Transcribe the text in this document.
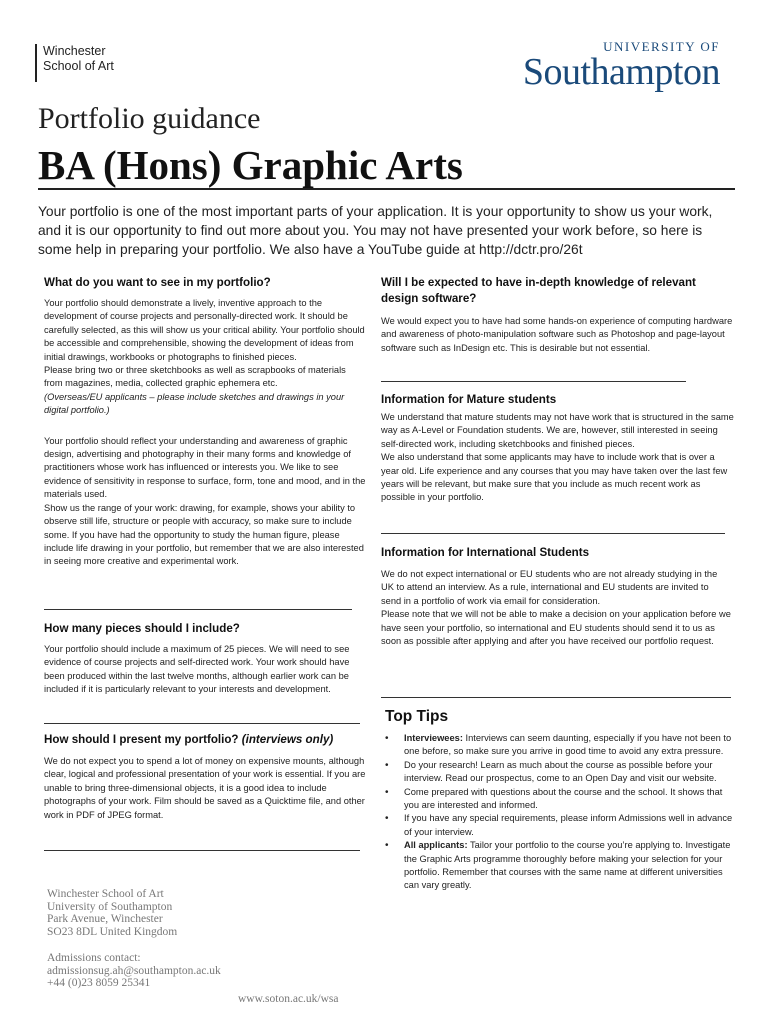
Winchester
School of Art
UNIVERSITY OF
Southampton
Portfolio guidance
BA (Hons) Graphic Arts
Your portfolio is one of the most important parts of your application. It is your opportunity to show us your work, and it is our opportunity to find out more about you. You may not have presented your work before, so here is some help in preparing your portfolio. We also have a YouTube guide at http://dctr.pro/26t
What do you want to see in my portfolio?
Your portfolio should demonstrate a lively, inventive approach to the development of course projects and personally-directed work. It should be carefully selected, as this will show us your critical ability. Your portfolio should be accessible and comprehensible, showing the development of ideas from initial drawings, workbooks or photographs to finished pieces.
Please bring two or three sketchbooks as well as scrapbooks of materials from magazines, media, collected graphic ephemera etc.
(Overseas/EU applicants – please include sketches and drawings in your digital portfolio.)
Your portfolio should reflect your understanding and awareness of graphic design, advertising and photography in their many forms and knowledge of practitioners whose work has influenced or interests you. We like to see evidence of sensitivity in response to surface, form, tone and mood, and in the materials used.
Show us the range of your work: drawing, for example, shows your ability to observe still life, structure or people with accuracy, so make sure to include some. If you have had the opportunity to study the human figure, please include life drawing in your portfolio, but remember that we are also interested in seeing more creative and experimental work.
How many pieces should I include?
Your portfolio should include a maximum of 25 pieces. We will need to see evidence of course projects and self-directed work. Your work should have been produced within the last twelve months, although earlier work can be included if it is particularly relevant to your interests and development.
How should I present my portfolio? (interviews only)
We do not expect you to spend a lot of money on expensive mounts, although clear, logical and professional presentation of your work is essential. If you are unable to bring three-dimensional objects, it is a good idea to include photographs of your work. Film should be saved as a Quicktime file, and other work in PDF of JPEG format.
Will I be expected to have in-depth knowledge of relevant design software?
We would expect you to have had some hands-on experience of computing hardware and awareness of photo-manipulation software such as Photoshop and page-layout software such as InDesign etc. This is desirable but not essential.
Information for Mature students
We understand that mature students may not have work that is structured in the same way as A-Level or Foundation students. We are, however, still interested in seeing self-directed work, including sketchbooks and finished pieces.
We also understand that some applicants may have to include work that is over a year old. Life experience and any courses that you may have taken over the last few years will be relevant, but make sure that you include as much recent work as possible in your portfolio.
Information for International Students
We do not expect international or EU students who are not already studying in the UK to attend an interview. As a rule, international and EU students are invited to send in a portfolio of work via email for consideration.
Please note that we will not be able to make a decision on your application before we have seen your portfolio, so international and EU students should send it to us as soon as possible after applying and after you have received our portfolio request.
Top Tips
• Interviewees: Interviews can seem daunting, especially if you have not been to one before, so make sure you arrive in good time to avoid any extra pressure.
• Do your research! Learn as much about the course as possible before your interview. Read our prospectus, come to an Open Day and visit our website.
• Come prepared with questions about the course and the school. It shows that you are interested and informed.
• If you have any special requirements, please inform Admissions well in advance of your interview.
• All applicants: Tailor your portfolio to the course you’re applying to. Investigate the Graphic Arts programme thoroughly before making your selection for your portfolio. Remember that courses with the same name at different universities can vary greatly.
Winchester School of Art
University of Southampton
Park Avenue, Winchester
SO23 8DL United Kingdom
Admissions contact:
admissionsug.ah@southampton.ac.uk
+44 (0)23 8059 25341
www.soton.ac.uk/wsa
